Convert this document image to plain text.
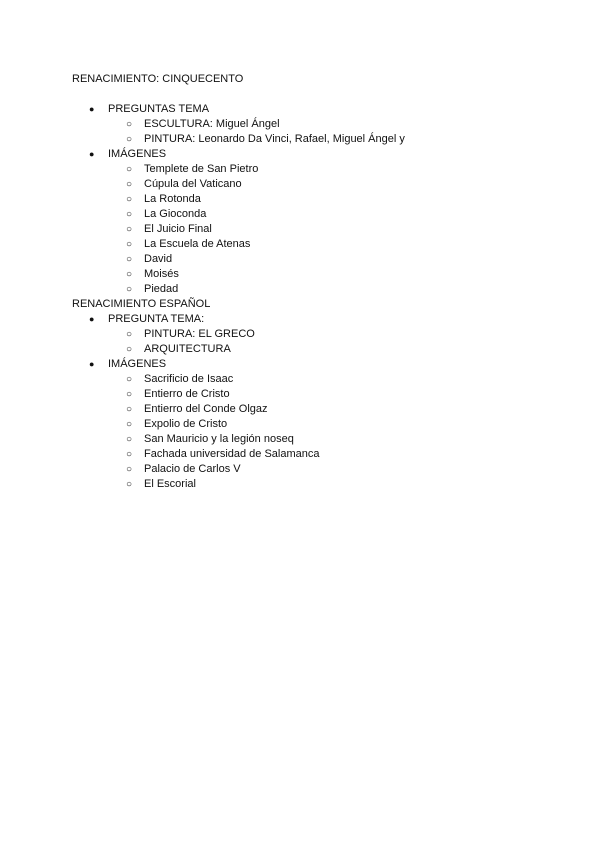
RENACIMIENTO: CINQUECENTO
● PREGUNTAS TEMA
○ ESCULTURA: Miguel Ángel
○ PINTURA: Leonardo Da Vinci, Rafael, Miguel Ángel y
● IMÁGENES
○ Templete de San Pietro
○ Cúpula del Vaticano
○ La Rotonda
○ La Gioconda
○ El Juicio Final
○ La Escuela de Atenas
○ David
○ Moisés
○ Piedad
RENACIMIENTO ESPAÑOL
● PREGUNTA TEMA:
○ PINTURA: EL GRECO
○ ARQUITECTURA
● IMÁGENES
○ Sacrificio de Isaac
○ Entierro de Cristo
○ Entierro del Conde Olgaz
○ Expolio de Cristo
○ San Mauricio y la legión noseq
○ Fachada universidad de Salamanca
○ Palacio de Carlos V
○ El Escorial
